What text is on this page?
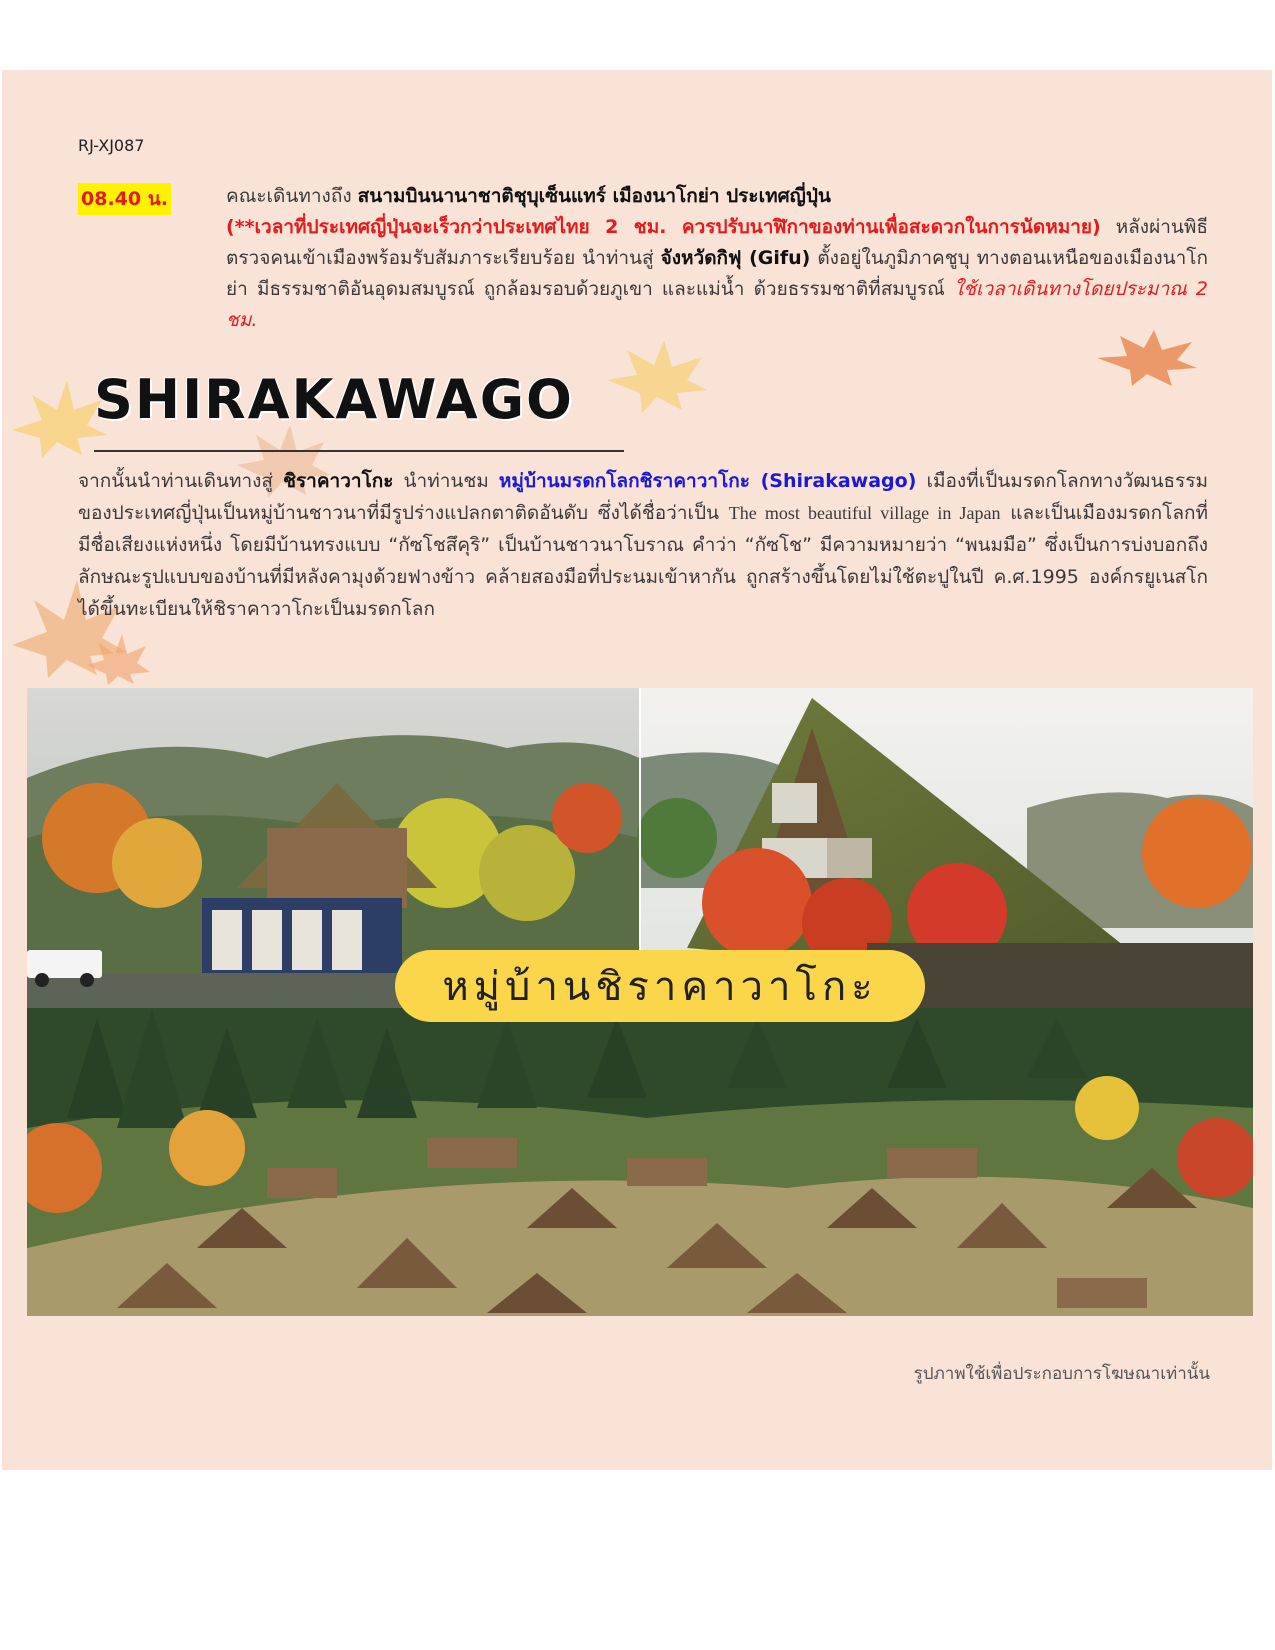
RJ-XJ087
08.40 น.	คณะเดินทางถึง สนามบินนานาชาติชุบุเซ็นแทร์ เมืองนาโกย่า ประเทศญี่ปุ่น
(**เวลาที่ประเทศญี่ปุ่นจะเร็วกว่าประเทศไทย 2 ชม. ควรปรับนาฬิกาของท่านเพื่อสะดวกในการนัดหมาย) หลังผ่านพิธีตรวจคนเข้าเมืองพร้อมรับสัมภาระเรียบร้อย นำท่านสู่ จังหวัดกิฟุ (Gifu) ตั้งอยู่ในภูมิภาคชูบุ ทางตอนเหนือของเมืองนาโกย่า มีธรรมชาติอันอุดมสมบูรณ์ ถูกล้อมรอบด้วยภูเขา และแม่น้ำ ด้วยธรรมชาติที่สมบูรณ์ ใช้เวลาเดินทางโดยประมาณ 2 ชม.
SHIRAKAWAGO
จากนั้นนำท่านเดินทางสู่ ชิราคาวาโกะ นำท่านชม หมู่บ้านมรดกโลกชิราคาวาโกะ (Shirakawago) เมืองที่เป็นมรดกโลกทางวัฒนธรรมของประเทศญี่ปุ่นเป็นหมู่บ้านชาวนาที่มีรูปร่างแปลกตาติดอันดับ ซึ่งได้ชื่อว่าเป็น The most beautiful village in Japan และเป็นเมืองมรดกโลกที่มีชื่อเสียงแห่งหนึ่ง โดยมีบ้านทรงแบบ “กัซโชสึคุริ” เป็นบ้านชาวนาโบราณ คำว่า “กัซโช” มีความหมายว่า “พนมมือ” ซึ่งเป็นการบ่งบอกถึงลักษณะรูปแบบของบ้านที่มีหลังคามุงด้วยฟางข้าว คล้ายสองมือที่ประนมเข้าหากัน ถูกสร้างขึ้นโดยไม่ใช้ตะปูในปี ค.ศ.1995 องค์กรยูเนสโกได้ขึ้นทะเบียนให้ชิราคาวาโกะเป็นมรดกโลก
หมู่บ้านชิราคาวาโกะ
รูปภาพใช้เพื่อประกอบการโฆษณาเท่านั้น
